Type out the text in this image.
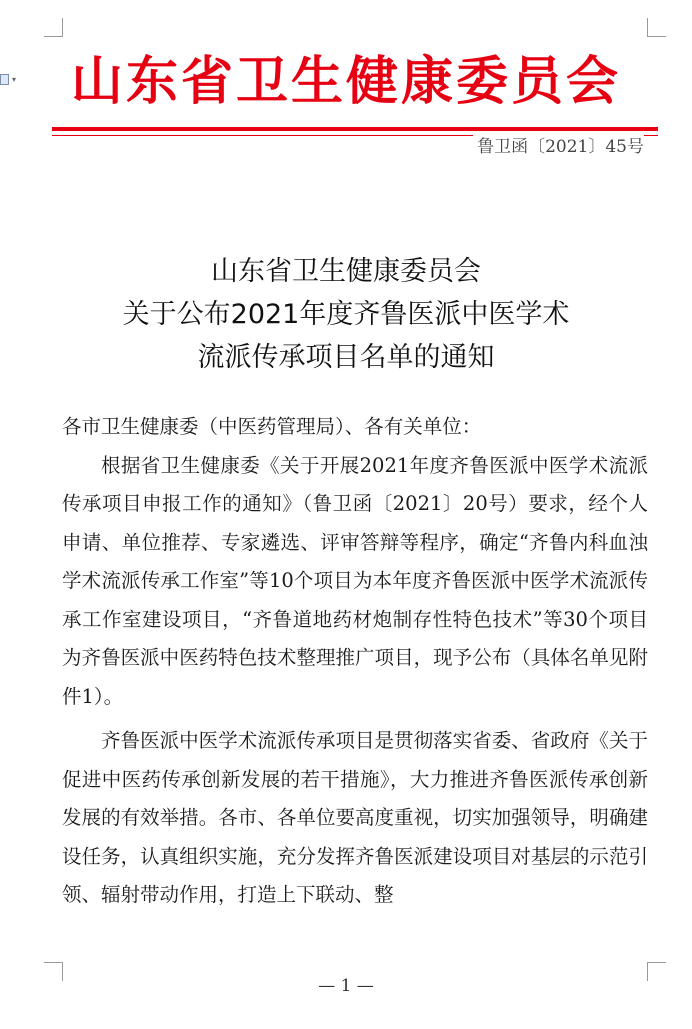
▾	山东省卫生健康委员会
鲁卫函〔2021〕45号
山东省卫生健康委员会
关于公布2021年度齐鲁医派中医学术
流派传承项目名单的通知

各市卫生健康委（中医药管理局）、各有关单位：

根据省卫生健康委《关于开展2021年度齐鲁医派中医学术流派传承项目申报工作的通知》（鲁卫函〔2021〕20号）要求，经个人申请、单位推荐、专家遴选、评审答辩等程序，确定“齐鲁内科血浊学术流派传承工作室”等10个项目为本年度齐鲁医派中医学术流派传承工作室建设项目，“齐鲁道地药材炮制存性特色技术”等30个项目为齐鲁医派中医药特色技术整理推广项目，现予公布（具体名单见附件1）。

齐鲁医派中医学术流派传承项目是贯彻落实省委、省政府《关于促进中医药传承创新发展的若干措施》，大力推进齐鲁医派传承创新发展的有效举措。各市、各单位要高度重视，切实加强领导，明确建设任务，认真组织实施，充分发挥齐鲁医派建设项目对基层的示范引领、辐射带动作用，打造上下联动、整

— 1 —
